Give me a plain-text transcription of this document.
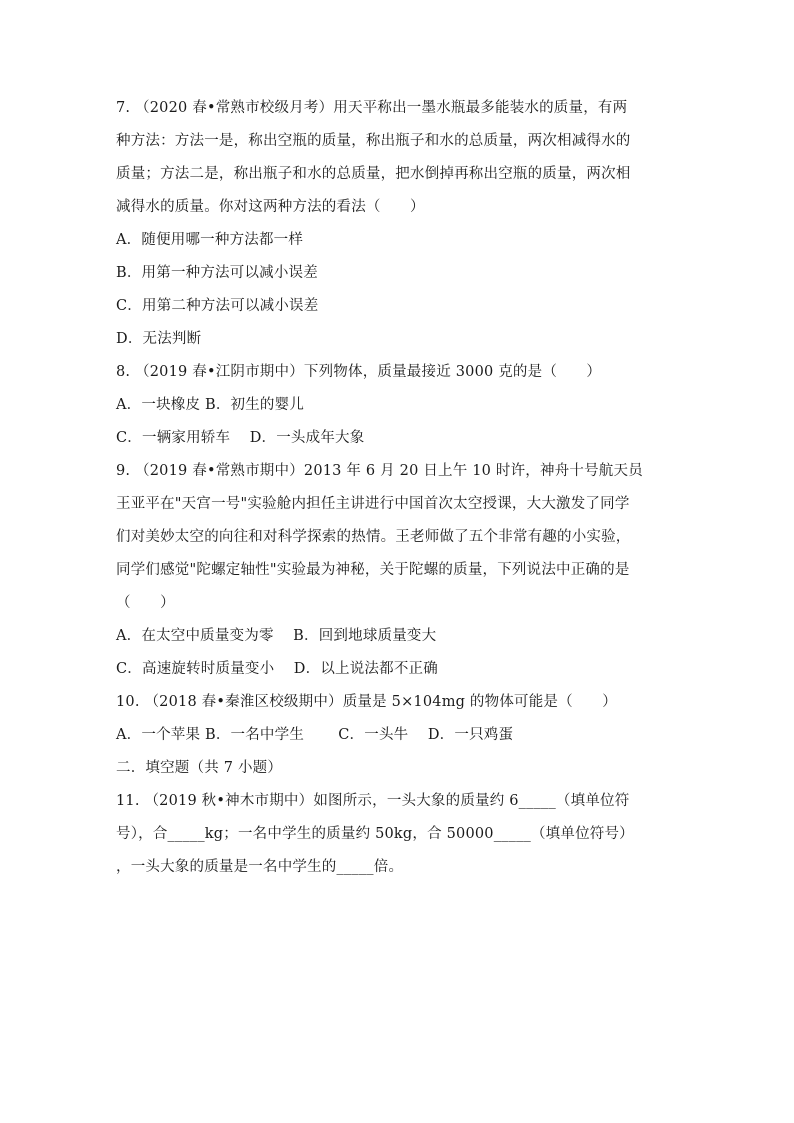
7. （2020 春•常熟市校级月考）用天平称出一墨水瓶最多能装水的质量，有两
种方法：方法一是，称出空瓶的质量，称出瓶子和水的总质量，两次相减得水的
质量；方法二是，称出瓶子和水的总质量，把水倒掉再称出空瓶的质量，两次相
减得水的质量。你对这两种方法的看法（　　）
A．随便用哪一种方法都一样
B．用第一种方法可以减小误差
C．用第二种方法可以减小误差
D．无法判断
8. （2019 春•江阴市期中）下列物体，质量最接近 3000 克的是（　　）
A．一块橡皮 B．初生的婴儿
C．一辆家用轿车　 D．一头成年大象
9. （2019 春•常熟市期中）2013 年 6 月 20 日上午 10 时许，神舟十号航天员
王亚平在"天宫一号"实验舱内担任主讲进行中国首次太空授课，大大激发了同学
们对美妙太空的向往和对科学探索的热情。王老师做了五个非常有趣的小实验，
同学们感觉"陀螺定轴性"实验最为神秘，关于陀螺的质量，下列说法中正确的是
（　　）
A．在太空中质量变为零　 B．回到地球质量变大
C．高速旋转时质量变小　 D．以上说法都不正确
10. （2018 春•秦淮区校级期中）质量是 5×104mg 的物体可能是（　　）
A．一个苹果 B．一名中学生　　 C．一头牛　 D．一只鸡蛋
二．填空题（共 7 小题）
11. （2019 秋•神木市期中）如图所示，一头大象的质量约 6_____（填单位符
号），合_____kg；一名中学生的质量约 50kg，合 50000_____（填单位符号）
，一头大象的质量是一名中学生的_____倍。
